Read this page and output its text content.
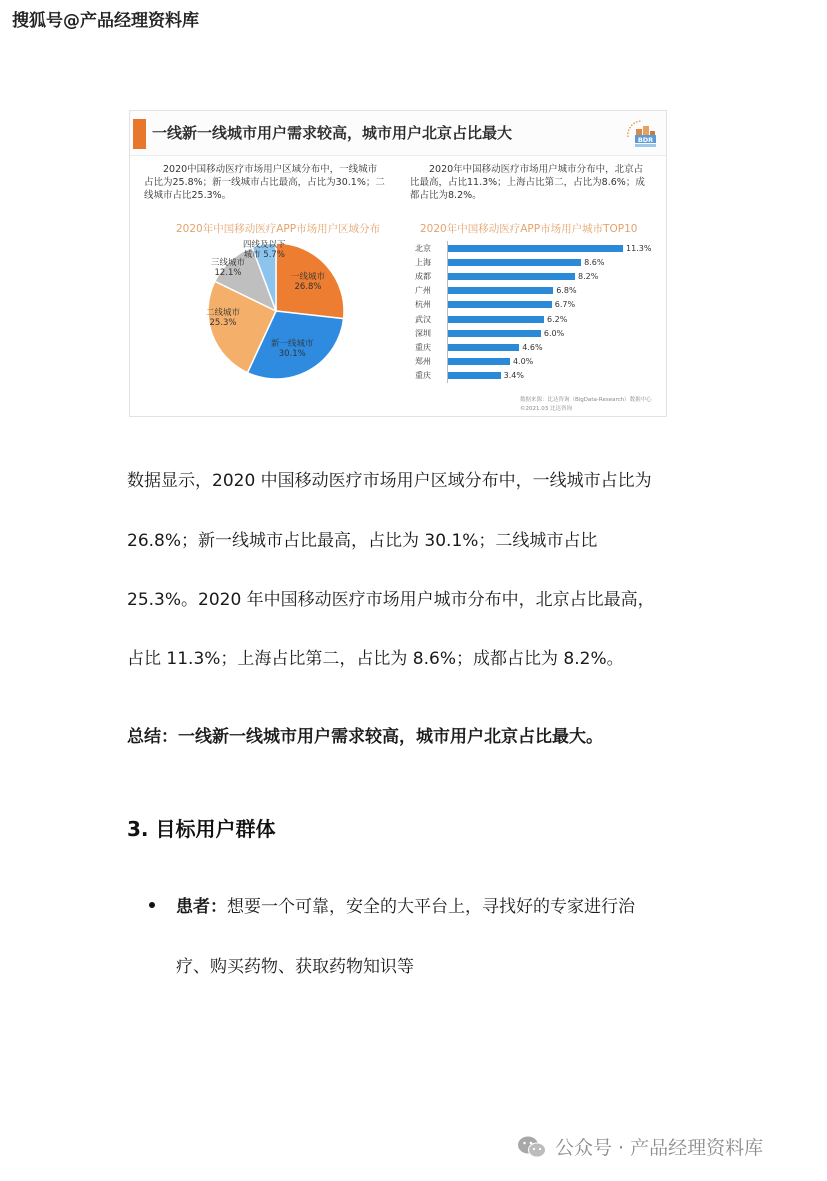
搜狐号@产品经理资料库
一线新一线城市用户需求较高，城市用户北京占比最大	BDR
2020中国移动医疗市场用户区域分布中，一线城市占比为25.8%；新一线城市占比最高，占比为30.1%；二线城市占比25.3%。
2020年中国移动医疗市场用户城市分布中，北京占比最高，占比11.3%；上海占比第二，占比为8.6%；成都占比为8.2%。
2020年中国移动医疗APP市场用户区域分布	2020年中国移动医疗APP市场用户城市TOP10
一线城市
26.8%
新一线城市
30.1%
二线城市
25.3%
三线城市
12.1%
四线及以下
城市 5.7%
北京	11.3%
上海	8.6%
成都	8.2%
广州	6.8%
杭州	6.7%
武汉	6.2%
深圳	6.0%
重庆	4.6%
郑州	4.0%
重庆	3.4%
数据来源：比达咨询（BigData-Research）数据中心
©2021.03 比达咨询
数据显示，2020 中国移动医疗市场用户区域分布中，一线城市占比为
26.8%；新一线城市占比最高，占比为 30.1%；二线城市占比
25.3%。2020 年中国移动医疗市场用户城市分布中，北京占比最高，
占比 11.3%；上海占比第二，占比为 8.6%；成都占比为 8.2%。
总结：一线新一线城市用户需求较高，城市用户北京占比最大。
3. 目标用户群体
患者：想要一个可靠，安全的大平台上，寻找好的专家进行治
疗、购买药物、获取药物知识等
公众号 · 产品经理资料库
